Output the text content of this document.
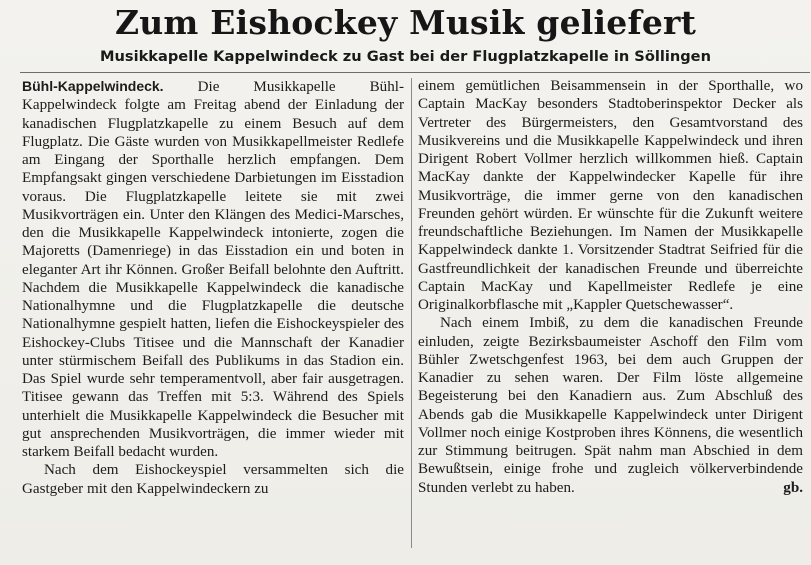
Zum Eishockey Musik geliefert
Musikkapelle Kappelwindeck zu Gast bei der Flugplatzkapelle in Söllingen

Bühl-Kappelwindeck. Die Musikkapelle Bühl-Kappelwindeck folgte am Freitag abend der Einladung der kanadischen Flugplatzkapelle zu einem Besuch auf dem Flugplatz. Die Gäste wurden von Musikkapellmeister Redlefe am Eingang der Sporthalle herzlich empfangen. Dem Empfangsakt gingen verschiedene Darbietungen im Eisstadion voraus. Die Flugplatzkapelle leitete sie mit zwei Musikvorträgen ein. Unter den Klängen des Medici-Marsches, den die Musikkapelle Kappelwindeck intonierte, zogen die Majoretts (Damenriege) in das Eisstadion ein und boten in eleganter Art ihr Können. Großer Beifall belohnte den Auftritt. Nachdem die Musikkapelle Kappelwindeck die kanadische Nationalhymne und die Flugplatzkapelle die deutsche Nationalhymne gespielt hatten, liefen die Eishockeyspieler des Eishockey-Clubs Titisee und die Mannschaft der Kanadier unter stürmischem Beifall des Publikums in das Stadion ein. Das Spiel wurde sehr temperamentvoll, aber fair ausgetragen. Titisee gewann das Treffen mit 5:3. Während des Spiels unterhielt die Musikkapelle Kappelwindeck die Besucher mit gut ansprechenden Musikvorträgen, die immer wieder mit starkem Beifall bedacht wurden.

Nach dem Eishockeyspiel versammelten sich die Gastgeber mit den Kappelwindeckern zu

einem gemütlichen Beisammensein in der Sporthalle, wo Captain MacKay besonders Stadtoberinspektor Decker als Vertreter des Bürgermeisters, den Gesamtvorstand des Musikvereins und die Musikkapelle Kappelwindeck und ihren Dirigent Robert Vollmer herzlich willkommen hieß. Captain MacKay dankte der Kappelwindecker Kapelle für ihre Musikvorträge, die immer gerne von den kanadischen Freunden gehört würden. Er wünschte für die Zukunft weitere freundschaftliche Beziehungen. Im Namen der Musikkapelle Kappelwindeck dankte 1. Vorsitzender Stadtrat Seifried für die Gastfreundlichkeit der kanadischen Freunde und überreichte Captain MacKay und Kapellmeister Redlefe je eine Originalkorbflasche mit „Kappler Quetschewasser“.

Nach einem Imbiß, zu dem die kanadischen Freunde einluden, zeigte Bezirksbaumeister Aschoff den Film vom Bühler Zwetschgenfest 1963, bei dem auch Gruppen der Kanadier zu sehen waren. Der Film löste allgemeine Begeisterung bei den Kanadiern aus. Zum Abschluß des Abends gab die Musikkapelle Kappelwindeck unter Dirigent Vollmer noch einige Kostproben ihres Könnens, die wesentlich zur Stimmung beitrugen. Spät nahm man Abschied in dem Bewußtsein, einige frohe und zugleich völkerverbindende Stunden verlebt zu haben.	gb.
